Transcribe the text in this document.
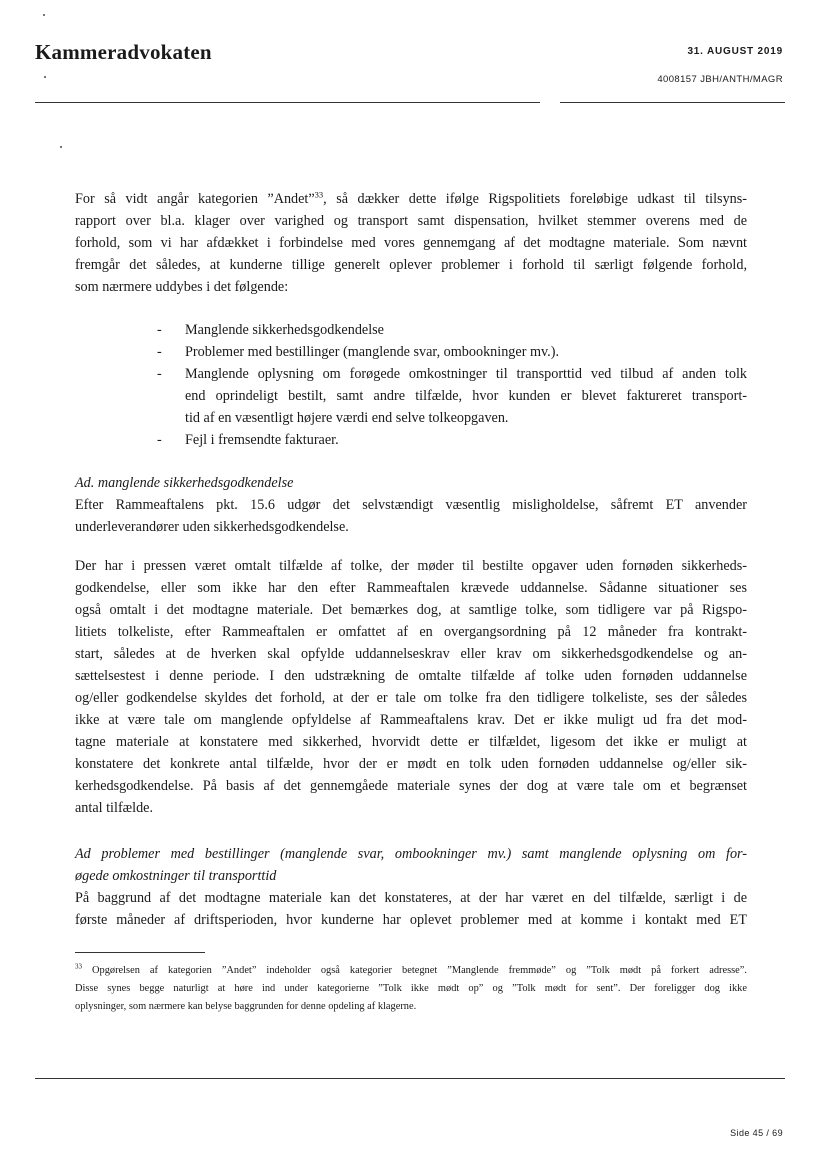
Kammeradvokaten	31. AUGUST 2019
4008157 JBH/ANTH/MAGR
For så vidt angår kategorien ”Andet”$^{33}$, så dækker dette ifølge Rigspolitiets foreløbige udkast til tilsyns-
rapport over bl.a. klager over varighed og transport samt dispensation, hvilket stemmer overens med de
forhold, som vi har afdækket i forbindelse med vores gennemgang af det modtagne materiale. Som nævnt
fremgår det således, at kunderne tillige generelt oplever problemer i forhold til særligt følgende forhold,
som nærmere uddybes i det følgende:
- Manglende sikkerhedsgodkendelse
- Problemer med bestillinger (manglende svar, ombookninger mv.).
- Manglende oplysning om forøgede omkostninger til transporttid ved tilbud af anden tolk
end oprindeligt bestilt, samt andre tilfælde, hvor kunden er blevet faktureret transport-
tid af en væsentligt højere værdi end selve tolkeopgaven.
- Fejl i fremsendte fakturaer.
Ad. manglende sikkerhedsgodkendelse
Efter Rammeaftalens pkt. 15.6 udgør det selvstændigt væsentlig misligholdelse, såfremt ET anvender
underleverandører uden sikkerhedsgodkendelse.
Der har i pressen været omtalt tilfælde af tolke, der møder til bestilte opgaver uden fornøden sikkerheds-
godkendelse, eller som ikke har den efter Rammeaftalen krævede uddannelse. Sådanne situationer ses
også omtalt i det modtagne materiale. Det bemærkes dog, at samtlige tolke, som tidligere var på Rigspo-
litiets tolkeliste, efter Rammeaftalen er omfattet af en overgangsordning på 12 måneder fra kontrakt-
start, således at de hverken skal opfylde uddannelseskrav eller krav om sikkerhedsgodkendelse og an-
sættelsestest i denne periode. I den udstrækning de omtalte tilfælde af tolke uden fornøden uddannelse
og/eller godkendelse skyldes det forhold, at der er tale om tolke fra den tidligere tolkeliste, ses der således
ikke at være tale om manglende opfyldelse af Rammeaftalens krav. Det er ikke muligt ud fra det mod-
tagne materiale at konstatere med sikkerhed, hvorvidt dette er tilfældet, ligesom det ikke er muligt at
konstatere det konkrete antal tilfælde, hvor der er mødt en tolk uden fornøden uddannelse og/eller sik-
kerhedsgodkendelse. På basis af det gennemgåede materiale synes der dog at være tale om et begrænset
antal tilfælde.
Ad problemer med bestillinger (manglende svar, ombookninger mv.) samt manglende oplysning om for-
øgede omkostninger til transporttid
På baggrund af det modtagne materiale kan det konstateres, at der har været en del tilfælde, særligt i de
første måneder af driftsperioden, hvor kunderne har oplevet problemer med at komme i kontakt med ET
$^{33}$ Opgørelsen af kategorien ”Andet” indeholder også kategorier betegnet ”Manglende fremmøde” og ”Tolk mødt på forkert adresse”.
Disse synes begge naturligt at høre ind under kategorierne ”Tolk ikke mødt op” og ”Tolk mødt for sent”. Der foreligger dog ikke
oplysninger, som nærmere kan belyse baggrunden for denne opdeling af klagerne.
Side 45 / 69
